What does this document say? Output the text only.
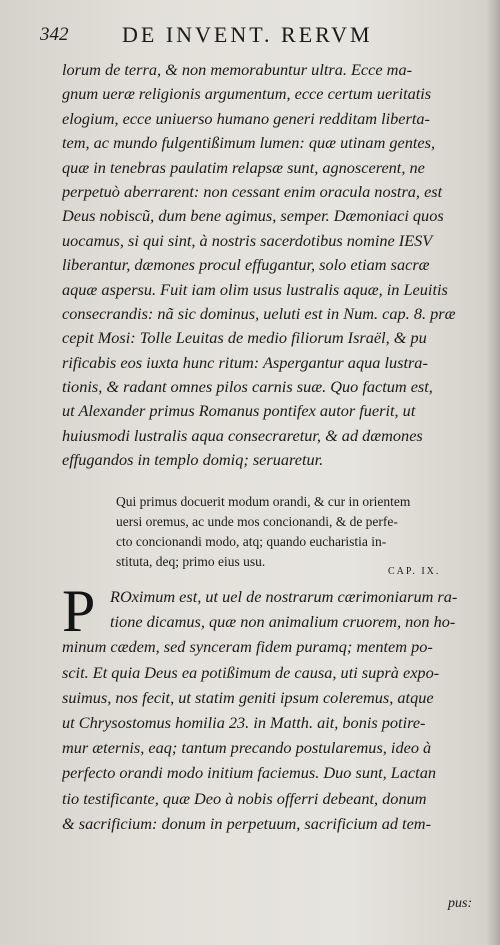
342 DE INVENT. RERVM
lorum de terra, & non memorabuntur ultra. Ecce ma-
gnum ueræ religionis argumentum, ecce certum ueritatis
elogium, ecce uniuerso humano generi redditam liberta-
tem, ac mundo fulgentißimum lumen: quæ utinam gentes,
quæ in tenebras paulatim relapsæ sunt, agnoscerent, ne
perpetuò aberrarent: non cessant enim oracula nostra, est
Deus nobiscũ, dum bene agimus, semper. Dæmoniaci quos
uocamus, si qui sint, à nostris sacerdotibus nomine IESV
liberantur, dæmones procul effugantur, solo etiam sacræ
aquæ aspersu. Fuit iam olim usus lustralis aquæ, in Leuitis
consecrandis: nã sic dominus, ueluti est in Num. cap. 8. præ
cepit Mosi: Tolle Leuitas de medio filiorum Israël, & pu
rificabis eos iuxta hunc ritum: Aspergantur aqua lustra-
tionis, & radant omnes pilos carnis suæ. Quo factum est,
ut Alexander primus Romanus pontifex autor fuerit, ut
huiusmodi lustralis aqua consecraretur, & ad dæmones
effugandos in templo domiq; seruaretur.
Qui primus docuerit modum orandi, & cur in orientem
uersi oremus, ac unde mos concionandi, & de perfe-
cto concionandi modo, atq; quando eucharistia in-
stituta, deq; primo eius usu.
CAP. IX.
P ROximum est, ut uel de nostrarum cærimoniarum ra-
tione dicamus, quæ non animalium cruorem, non ho-
minum cædem, sed synceram fidem puramq; mentem po-
scit. Et quia Deus ea potißimum de causa, uti suprà expo-
suimus, nos fecit, ut statim geniti ipsum coleremus, atque
ut Chrysostomus homilia 23. in Matth. ait, bonis potire-
mur æternis, eaq; tantum precando postularemus, ideo à
perfecto orandi modo initium faciemus. Duo sunt, Lactan
tio testificante, quæ Deo à nobis offerri debeant, donum
& sacrificium: donum in perpetuum, sacrificium ad tem-
pus:
